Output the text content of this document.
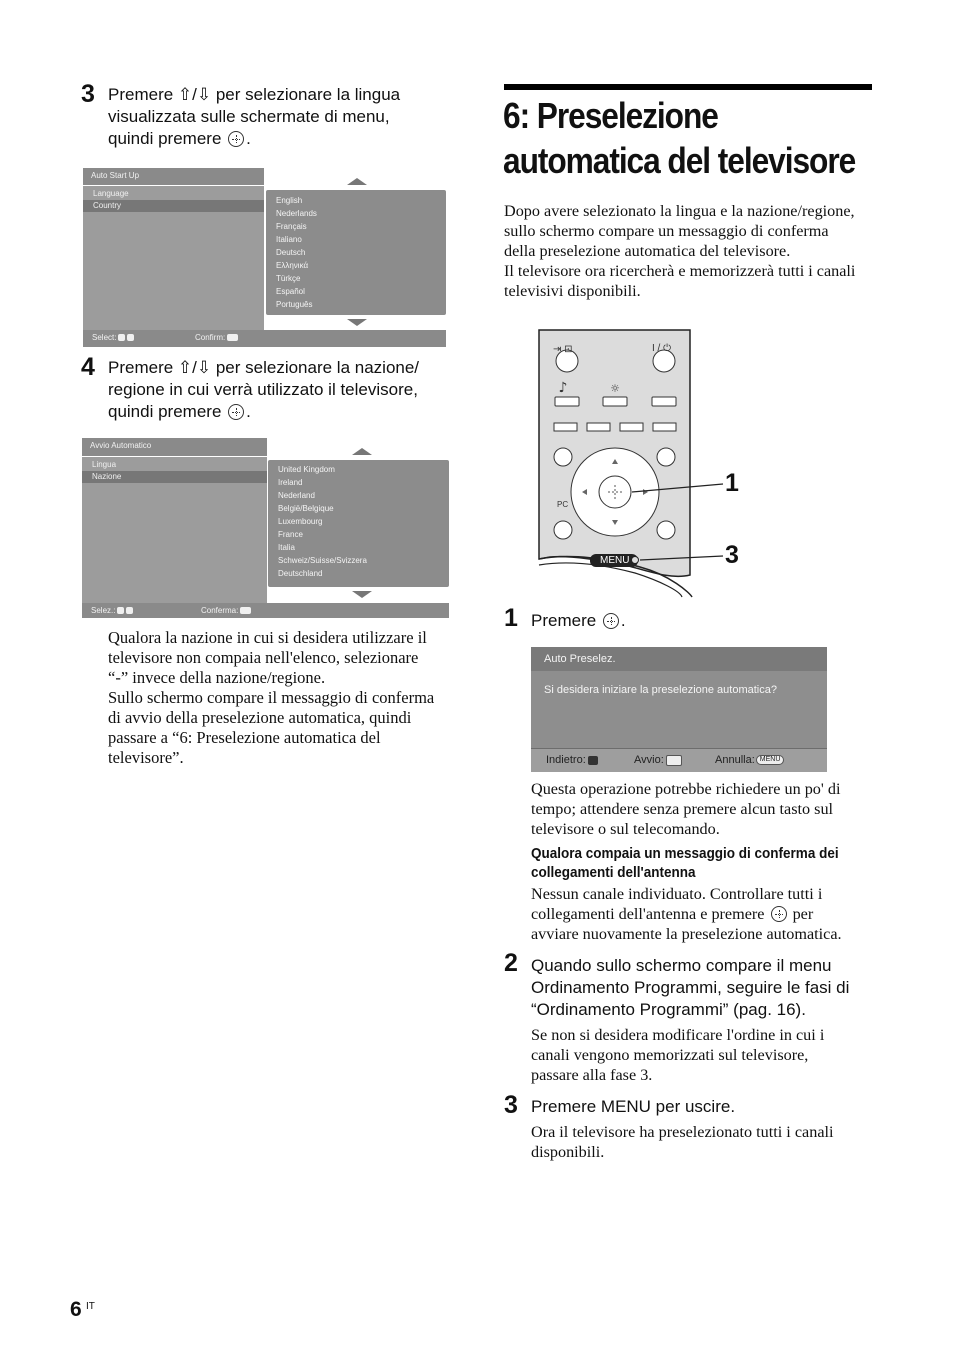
3 Premere ⇧/⇩ per selezionare la lingua
visualizzata sulle schermate di menu,
quindi premere .
Auto Start Up
Language
Country
English
Nederlands
Français
Italiano
Deutsch
Ελληνικά
Türkçe
Español
Português
Select:	Confirm:
4 Premere ⇧/⇩ per selezionare la nazione/
regione in cui verrà utilizzato il televisore,
quindi premere .
Avvio Automatico
Lingua
Nazione
United Kingdom
Ireland
Nederland
België/Belgique
Luxembourg
France
Italia
Schweiz/Suisse/Svizzera
Deutschland
Selez.:	Conferma:
Qualora la nazione in cui si desidera utilizzare il
televisore non compaia nell'elenco, selezionare
“-” invece della nazione/regione.
Sullo schermo compare il messaggio di conferma
di avvio della preselezione automatica, quindi
passare a “6: Preselezione automatica del
televisore”.
6: Preselezione
automatica del televisore
Dopo avere selezionato la lingua e la nazione/regione,
sullo schermo compare un messaggio di conferma
della preselezione automatica del televisore.
Il televisore ora ricercherà e memorizzerà tutti i canali
televisivi disponibili.
♪	☼
⇥ ⊡	I / ⏻
PC
MENU
1
3
1 Premere .
Auto Preselez.
Si desidera iniziare la preselezione automatica?
Indietro:	Avvio:	Annulla: MENU
Questa operazione potrebbe richiedere un po' di
tempo; attendere senza premere alcun tasto sul
televisore o sul telecomando.
Qualora compaia un messaggio di conferma dei
collegamenti dell'antenna
Nessun canale individuato. Controllare tutti i
collegamenti dell'antenna e premere per
avviare nuovamente la preselezione automatica.
2 Quando sullo schermo compare il menu
Ordinamento Programmi, seguire le fasi di
“Ordinamento Programmi” (pag. 16).
Se non si desidera modificare l'ordine in cui i
canali vengono memorizzati sul televisore,
passare alla fase 3.
3 Premere MENU per uscire.
Ora il televisore ha preselezionato tutti i canali
disponibili.
6 IT
